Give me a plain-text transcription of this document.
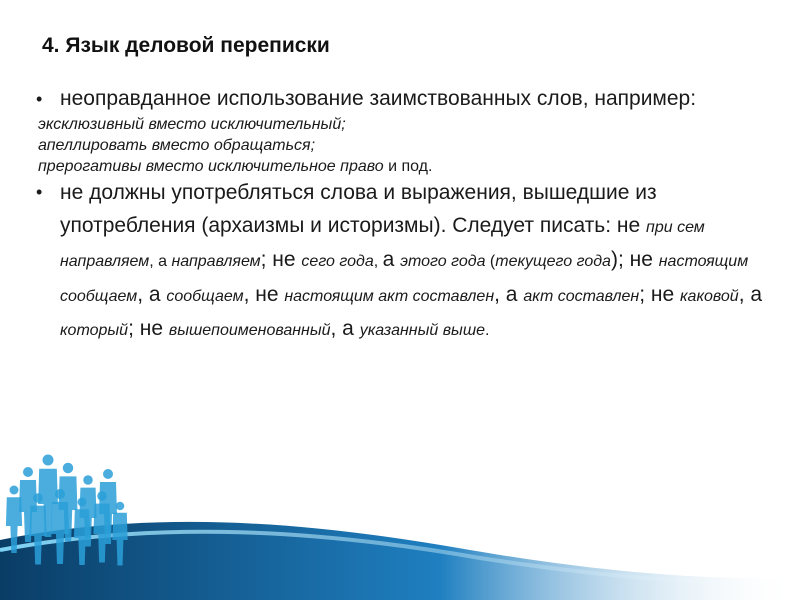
4. Язык деловой переписки
• неоправданное использование заимствованных слов, например:
эксклюзивный вместо исключительный;
апеллировать вместо обращаться;
прерогативы вместо исключительное право и под.
• не должны употребляться слова и выражения, вышедшие из употребления (архаизмы и историзмы). Следует писать: не при сем направляем, а направляем; не сего года, а этого года (текущего года); не настоящим сообщаем, а сообщаем, не настоящим акт составлен, а акт составлен; не каковой, а который; не вышепоименованный, а указанный выше.
